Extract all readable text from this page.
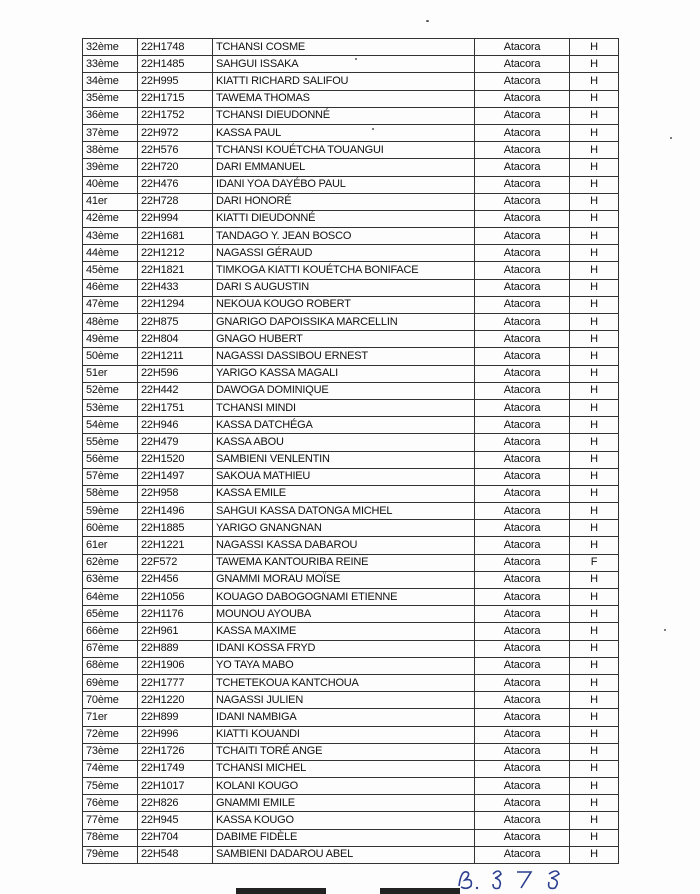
32ème	22H1748	TCHANSI COSME	Atacora	H
33ème	22H1485	SAHGUI ISSAKA	Atacora	H
34ème	22H995	KIATTI RICHARD SALIFOU	Atacora	H
35ème	22H1715	TAWEMA THOMAS	Atacora	H
36ème	22H1752	TCHANSI DIEUDONNÉ	Atacora	H
37ème	22H972	KASSA PAUL	Atacora	H
38ème	22H576	TCHANSI KOUÉTCHA TOUANGUI	Atacora	H
39ème	22H720	DARI EMMANUEL	Atacora	H
40ème	22H476	IDANI YOA DAYÉBO PAUL	Atacora	H
41er	22H728	DARI HONORÉ	Atacora	H
42ème	22H994	KIATTI DIEUDONNÉ	Atacora	H
43ème	22H1681	TANDAGO Y. JEAN BOSCO	Atacora	H
44ème	22H1212	NAGASSI GÉRAUD	Atacora	H
45ème	22H1821	TIMKOGA KIATTI KOUÉTCHA BONIFACE	Atacora	H
46ème	22H433	DARI S AUGUSTIN	Atacora	H
47ème	22H1294	NEKOUA KOUGO ROBERT	Atacora	H
48ème	22H875	GNARIGO DAPOISSIKA MARCELLIN	Atacora	H
49ème	22H804	GNAGO HUBERT	Atacora	H
50ème	22H1211	NAGASSI DASSIBOU ERNEST	Atacora	H
51er	22H596	YARIGO KASSA MAGALI	Atacora	H
52ème	22H442	DAWOGA DOMINIQUE	Atacora	H
53ème	22H1751	TCHANSI MINDI	Atacora	H
54ème	22H946	KASSA DATCHÉGA	Atacora	H
55ème	22H479	KASSA ABOU	Atacora	H
56ème	22H1520	SAMBIENI VENLENTIN	Atacora	H
57ème	22H1497	SAKOUA MATHIEU	Atacora	H
58ème	22H958	KASSA EMILE	Atacora	H
59ème	22H1496	SAHGUI KASSA DATONGA MICHEL	Atacora	H
60ème	22H1885	YARIGO GNANGNAN	Atacora	H
61er	22H1221	NAGASSI KASSA DABAROU	Atacora	H
62ème	22F572	TAWEMA KANTOURIBA REINE	Atacora	F
63ème	22H456	GNAMMI MORAU MOÏSE	Atacora	H
64ème	22H1056	KOUAGO DABOGOGNAMI ETIENNE	Atacora	H
65ème	22H1176	MOUNOU AYOUBA	Atacora	H
66ème	22H961	KASSA MAXIME	Atacora	H
67ème	22H889	IDANI KOSSA FRYD	Atacora	H
68ème	22H1906	YO TAYA MABO	Atacora	H
69ème	22H1777	TCHETEKOUA KANTCHOUA	Atacora	H
70ème	22H1220	NAGASSI JULIEN	Atacora	H
71er	22H899	IDANI NAMBIGA	Atacora	H
72ème	22H996	KIATTI KOUANDI	Atacora	H
73ème	22H1726	TCHAITI TORÉ ANGE	Atacora	H
74ème	22H1749	TCHANSI MICHEL	Atacora	H
75ème	22H1017	KOLANI KOUGO	Atacora	H
76ème	22H826	GNAMMI EMILE	Atacora	H
77ème	22H945	KASSA KOUGO	Atacora	H
78ème	22H704	DABIME FIDÈLE	Atacora	H
79ème	22H548	SAMBIENI DADAROU ABEL	Atacora	H
